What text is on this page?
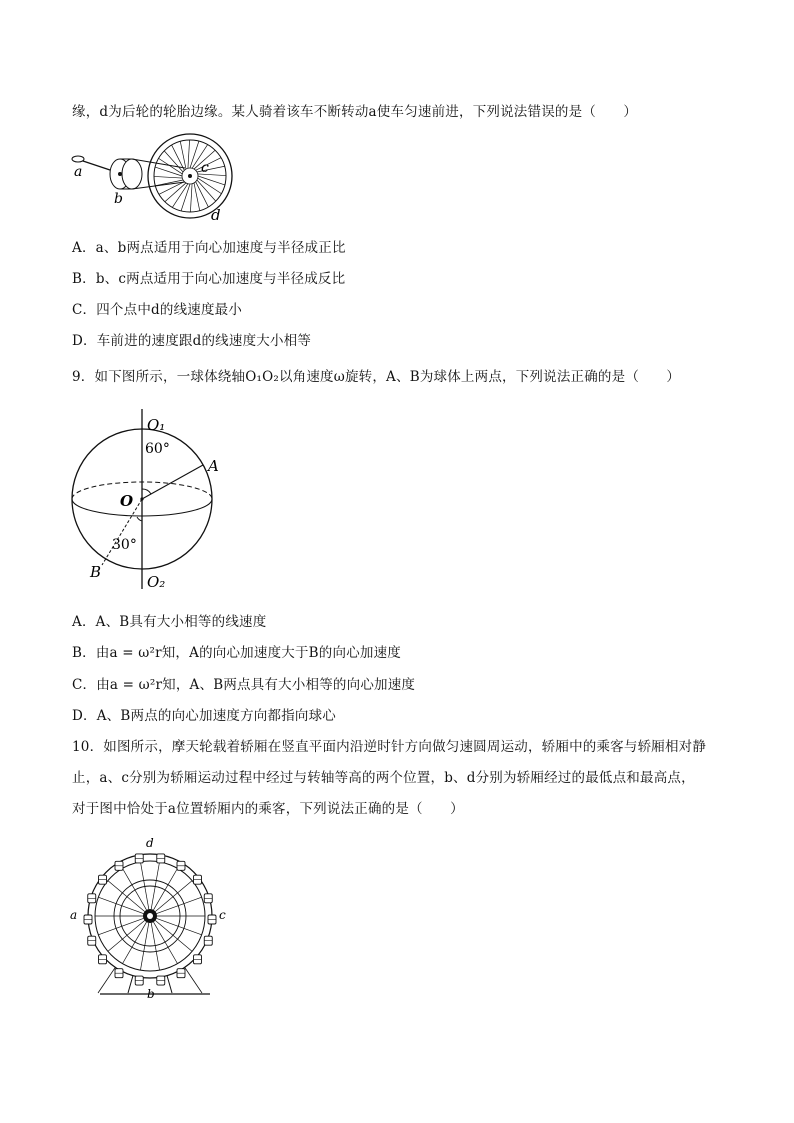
缘，d为后轮的轮胎边缘。某人骑着该车不断转动a使车匀速前进，下列说法错误的是（　　）
a
b
c
d
A．a、b两点适用于向心加速度与半径成正比
B．b、c两点适用于向心加速度与半径成反比
C．四个点中d的线速度最小
D．车前进的速度跟d的线速度大小相等
9．如下图所示，一球体绕轴O₁O₂以角速度ω旋转，A、B为球体上两点，下列说法正确的是（　　）
O₁
O₂
O
A
B
60°
30°
A．A、B具有大小相等的线速度
B．由a = ω²r知，A的向心加速度大于B的向心加速度
C．由a = ω²r知，A、B两点具有大小相等的向心加速度
D．A、B两点的向心加速度方向都指向球心
10．如图所示，摩天轮载着轿厢在竖直平面内沿逆时针方向做匀速圆周运动，轿厢中的乘客与轿厢相对静
止，a、c分别为轿厢运动过程中经过与转轴等高的两个位置，b、d分别为轿厢经过的最低点和最高点，
对于图中恰处于a位置轿厢内的乘客，下列说法正确的是（　　）
d
a	c
b
